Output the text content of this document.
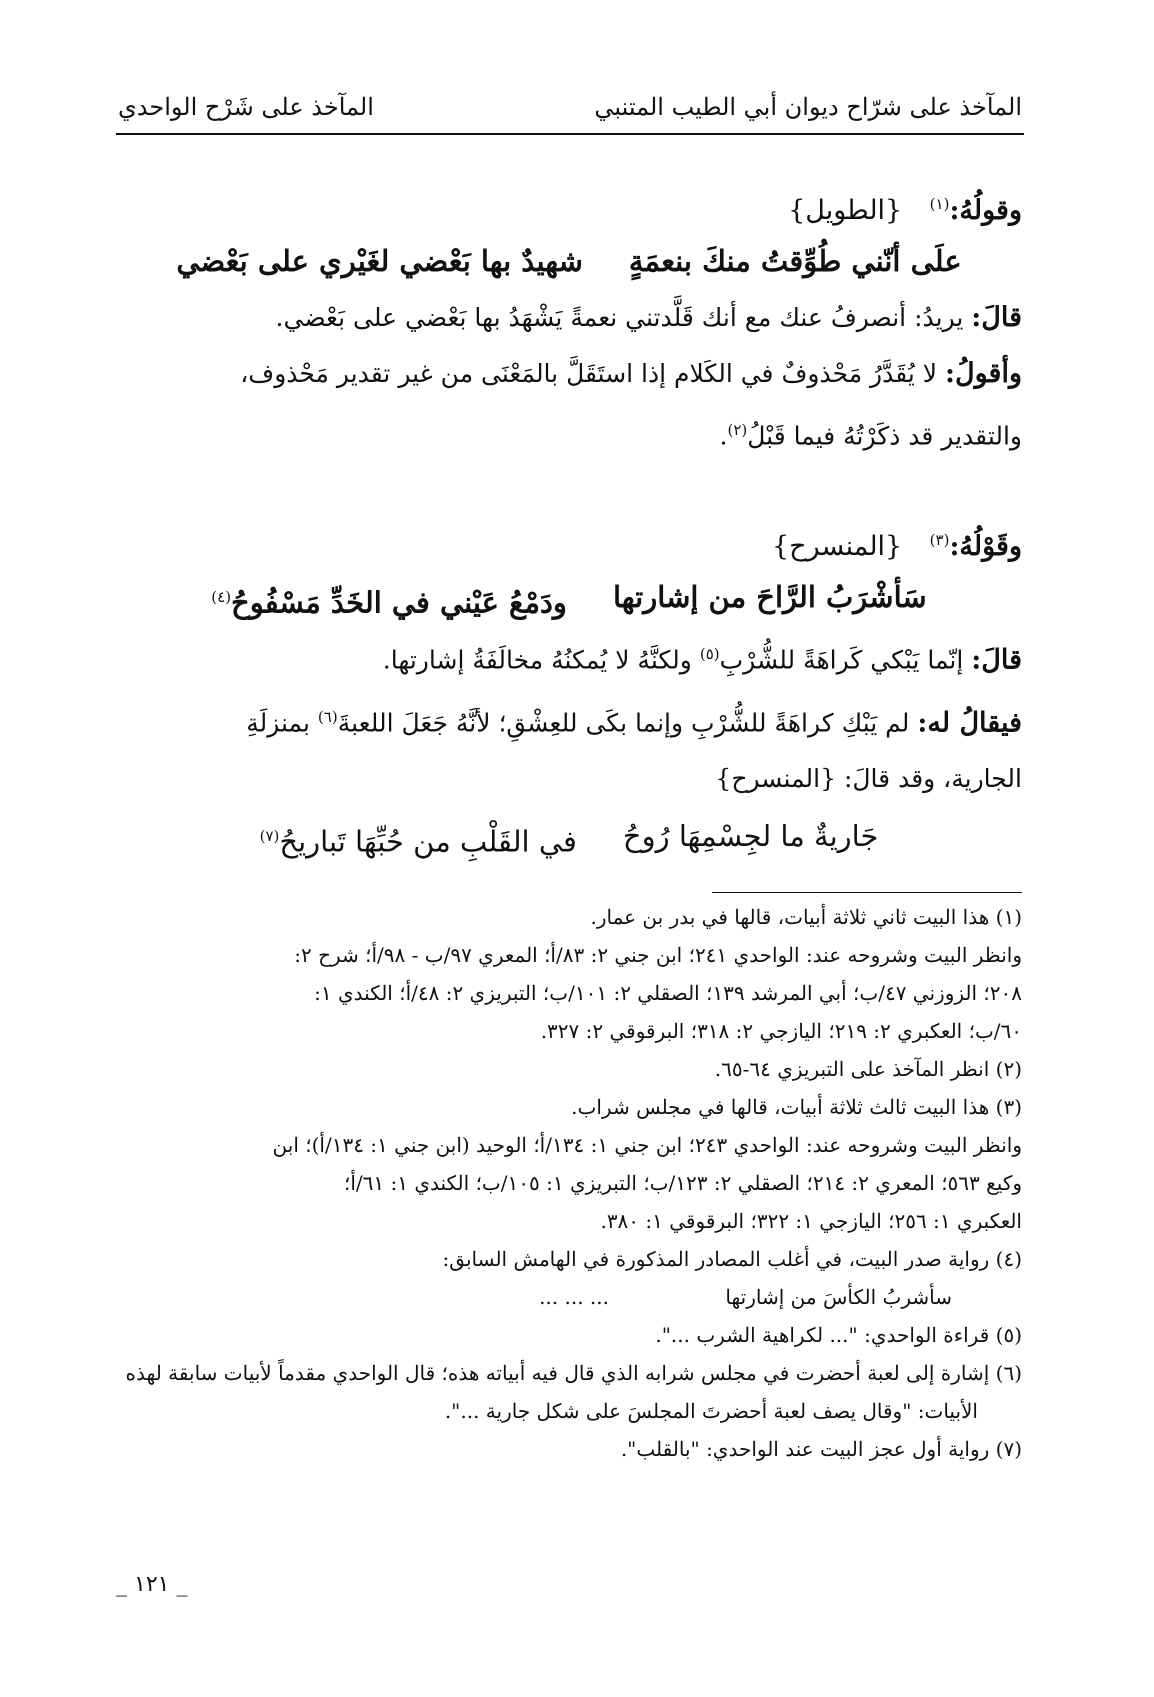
المآخذ على شرّاح ديوان أبي الطيب المتنبي
المآخذ على شَرْح الواحدي
وقولُهُ:$^{(١)}$ {الطويل}
علَى أنّني طُوِّقتُ منكَ بنعمَةٍ
شهيدٌ بها بَعْضي لغَيْري على بَعْضي
قالَ: يريدُ: أنصرفُ عنك مع أنك قَلَّدتني نعمةً يَشْهَدُ بها بَعْضي على بَعْضي.
وأقولُ: لا يُقَدَّرُ مَحْذوفٌ في الكَلام إذا استَقَلَّ بالمَعْنَى من غير تقدير مَحْذوف،
والتقدير قد ذكَرْتُهُ فيما قَبْلُ$^{(٢)}$.
وقَوْلُهُ:$^{(٣)}$ {المنسرح}
سَأشْرَبُ الرَّاحَ من إشارتها
ودَمْعُ عَيْني في الخَدِّ مَسْفُوحُ$^{(٤)}$
قالَ: إنّما يَبْكي كَراهَةً للشُّرْبِ$^{(٥)}$ ولكنَّهُ لا يُمكنُهُ مخالَفَةُ إشارتها.
فيقالُ له: لم يَبْكِ كراهَةً للشُّرْبِ وإنما بكَى للعِشْقِ؛ لأنَّهُ جَعَلَ اللعبةَ$^{(٦)}$ بمنزلَةِ
الجارية، وقد قالَ: {المنسرح}
جَاريةٌ ما لجِسْمِهَا رُوحُ
في القَلْبِ من حُبِّهَا تَباريحُ$^{(٧)}$
(١) هذا البيت ثاني ثلاثة أبيات، قالها في بدر بن عمار.
وانظر البيت وشروحه عند: الواحدي ٢٤١؛ ابن جني ٢: ٨٣/أ؛ المعري ٩٧/ب - ٩٨/أ؛ شرح ٢:
٢٠٨؛ الزوزني ٤٧/ب؛ أبي المرشد ١٣٩؛ الصقلي ٢: ١٠١/ب؛ التبريزي ٢: ٤٨/أ؛ الكندي ١:
٦٠/ب؛ العكبري ٢: ٢١٩؛ اليازجي ٢: ٣١٨؛ البرقوقي ٢: ٣٢٧.
(٢) انظر المآخذ على التبريزي ٦٤-٦٥.
(٣) هذا البيت ثالث ثلاثة أبيات، قالها في مجلس شراب.
وانظر البيت وشروحه عند: الواحدي ٢٤٣؛ ابن جني ١: ١٣٤/أ؛ الوحيد (ابن جني ١: ١٣٤/أ)؛ ابن
وكيع ٥٦٣؛ المعري ٢: ٢١٤؛ الصقلي ٢: ١٢٣/ب؛ التبريزي ١: ١٠٥/ب؛ الكندي ١: ٦١/أ؛
العكبري ١: ٢٥٦؛ اليازجي ١: ٣٢٢؛ البرقوقي ١: ٣٨٠.
(٤) رواية صدر البيت، في أغلب المصادر المذكورة في الهامش السابق:
سأشربُ الكأسَ من إشارتها ... ... ...
(٥) قراءة الواحدي: "... لكراهية الشرب ...".
(٦) إشارة إلى لعبة أحضرت في مجلس شرابه الذي قال فيه أبياته هذه؛ قال الواحدي مقدماً لأبيات سابقة لهذه
الأبيات: "وقال يصف لعبة أحضرتَ المجلسَ على شكل جارية ...".
(٧) رواية أول عجز البيت عند الواحدي: "بالقلب".
_ ١٢١ _
